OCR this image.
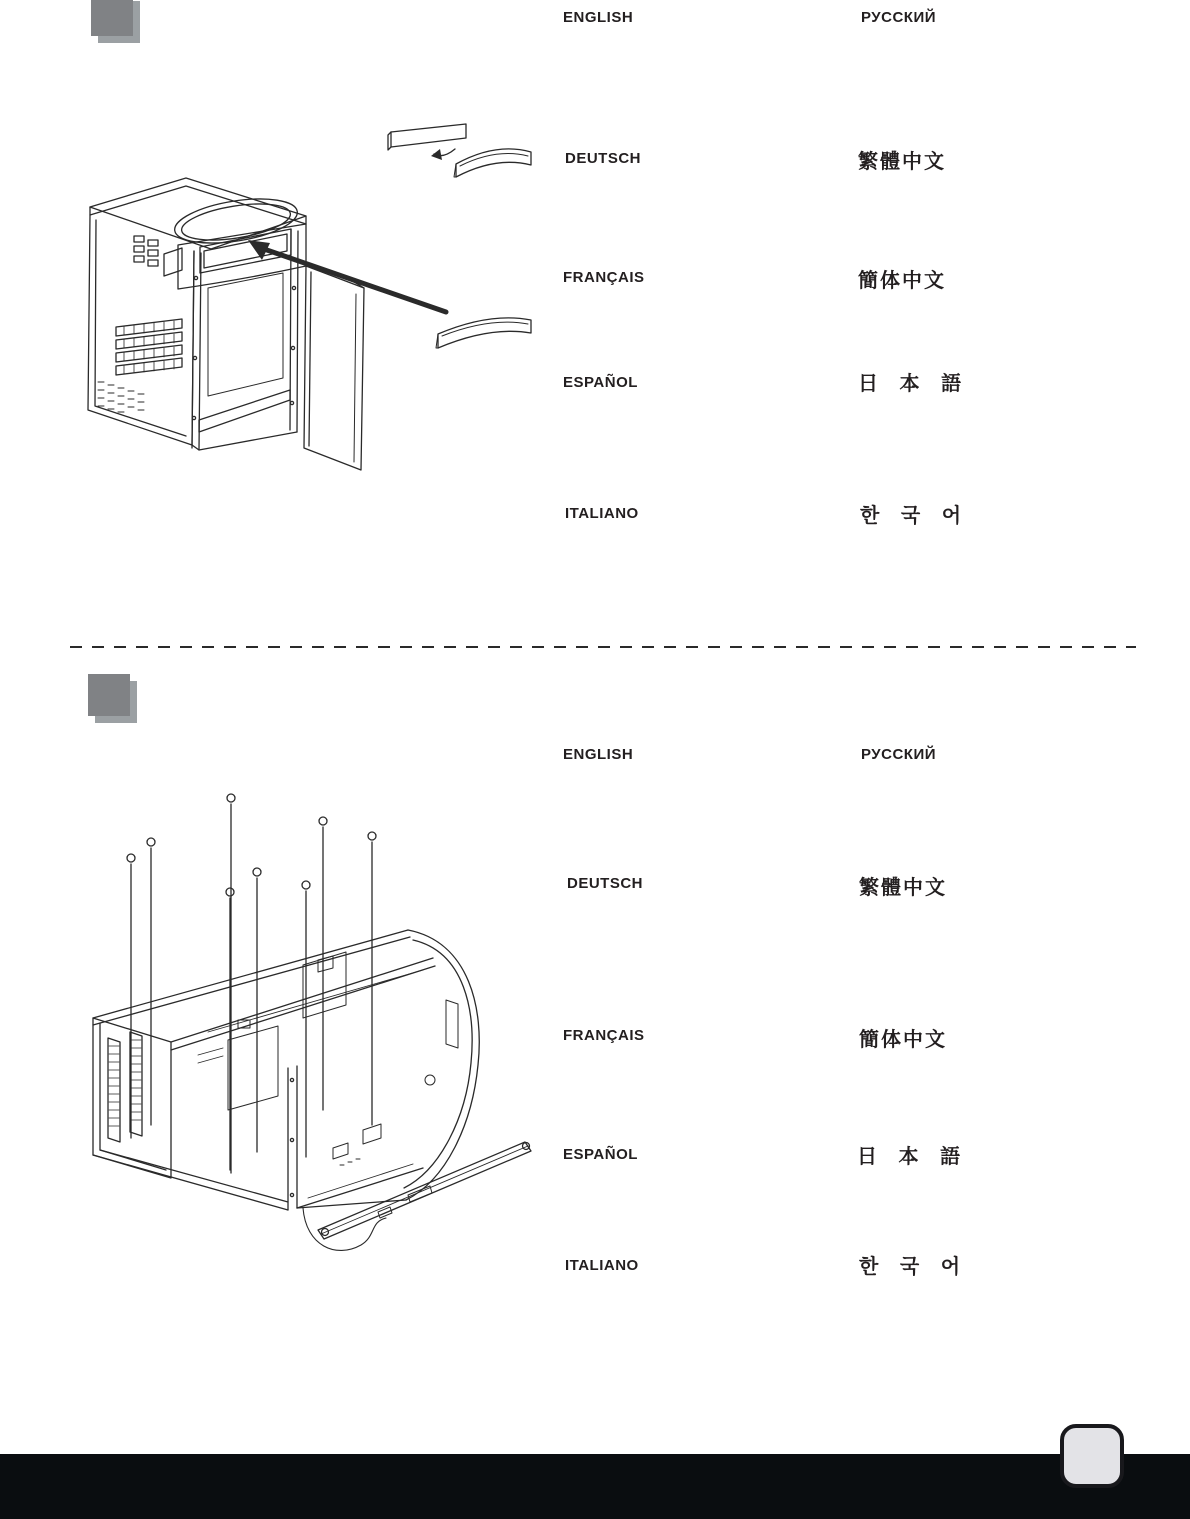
ENGLISH	РУССКИЙ
DEUTSCH	繁體中文
FRANÇAIS	簡体中文
ESPAÑOL	日 本 語
ITALIANO	한 국 어
ENGLISH	РУССКИЙ
DEUTSCH	繁體中文
FRANÇAIS	簡体中文
ESPAÑOL	日 本 語
ITALIANO	한 국 어
